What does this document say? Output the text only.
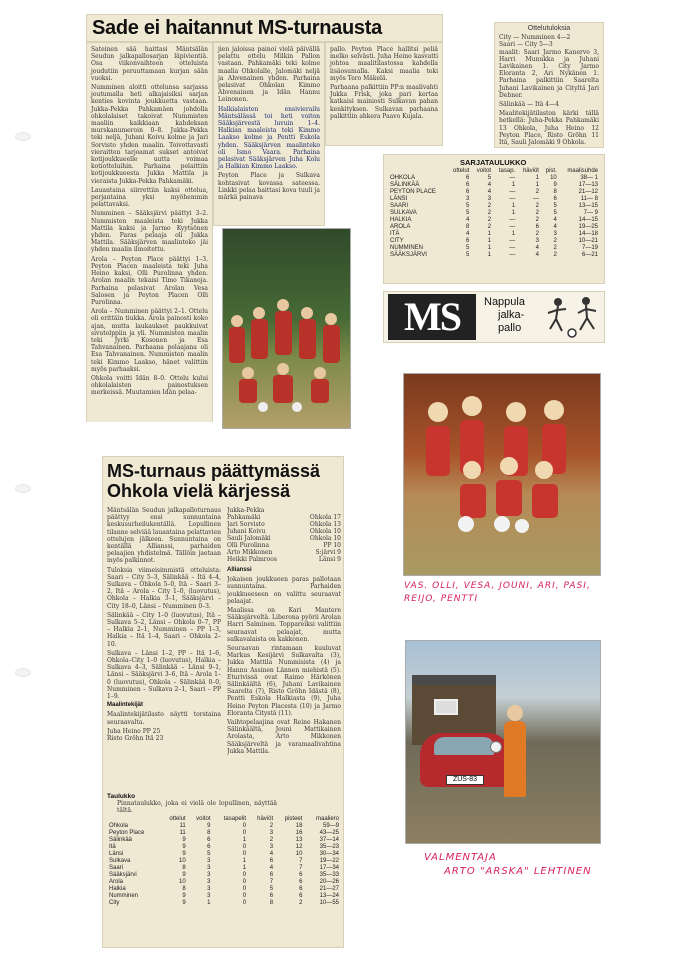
Sade ei haitannut MS-turnausta

Sateinen sää haittasi Mäntsälän Seudun jalkapallosarjan läpivientiä. Osa viikonvaihteen otteluista joudutiin peruuttamaan kurjan sään vuoksi.

Numminen aloitti ottelunsa sarjassa joutumalla heti alkajaisiksi sarjan kenties kovinta joukkuetta vastaan. Jukka-Pekka Pahkamäen johdolla ohkolalaiset takoivat Nummisten maaliin kaikkiaan kahdeksan murskanumeroin 0–8. Jukka-Pekka teki neljä, Juhani Koivu kolme ja Jari Sorvisto yhden maalin. Toivottavasti vieraitten tarjoamat sukset antoivat kotijoukkueelle uutta voimaa kotiotteluihin. Parhaina pelaittiin kotijoukkueesta Jukka Mattila ja vieraista Jukka-Pekka Pahkamäki.

Lauantaina siirrettiin kaksi ottelua, perjantaina yksi myöhemmin pelattavaksi.

Numminen – Sääksjärvi päättyi 3–2. Nummisten maaleista teki Jukka Mattila kaksi ja Jarmo Kyytsönen yhden. Paras pelaaja oli Jukka Mattila. Sääksjärven maalinteko jäi yhden maalin ilmoitettu.

Arola – Peyton Place päättyi 1–3. Peyton Placen maaleista teki Juha Heino kaksi, Olli Purolinna yhden. Arolan maalin tekaisi Timo Tikanoja. Parhaina pelasivat Arolan Vesa Salosen ja Peyton Placen Olli Purolinna.

Arola – Numminen päättyi 2–1. Ottelu oli erittäin tiukka. Arola painosti koko ajan, mutta laukaukset paukkuivat sivutolppiin ja yli. Nummisten maalin teki Jyrki Kosonen ja Esa Tahvanainen. Parhaana pelaajana oli Esa Tahvanainen. Nummisten maalin teki Kimmo Laakso, hänet valittiin myös parhaaksi.

Ohkola voitti Idän 8–0. Ottelu kului ohkolalaisten painostuksen merkeissä. Muutamien Idän pelaa-

jien jaloissa painoi vielä päivällä pelattu ottelu Milkin Pallon vastaan. Pahkamäki teki kolme maalia Ohkolalle, Jalomäki neljä ja Ahvenainen yhden. Parhaina pelasivat Ohkolan Kimmo Ahvenainen ja Idän Hannu Leinonen.

Halkialaisten ensivierailu Mäntsälässä toi heti voiton Sääksjärvestä luvuin 1–4. Halkian maaleista teki Kimmo Laakso kolme ja Pentti Eskola yhden. Sääksjärven maalinteko oli Ismo Vaara. Parhaina pelasivat Sääksjärven Juha Kolu ja Halkian Kimmo Laakso.

Peyton Place ja Sulkava kohtasivat kovassa sateessa. Linkki pelaa haittasi kova tuuli ja märkä painava

pallo. Peyton Place hallitsi peliä melko selvästi. Juha Heino kasvatti johtoa maalitilastossa kahdella lisäosumalla. Kaksi maalia teki myös Tero Mäkelä.

Parhaana palkittiin PP:n maalivahti Jukka Frisk, joka pari kertaa katkaisi mainiosti Sulkavan pahan kenkityksen. Sulkavan parhaana palkittiin ahkera Paavo Kujala.

Ottelutuloksia

City — Numminen 4—2

Saari — City 5—3

maalit: Saari Jarmo Kanervo 3, Harri Munukka ja Juhani Lavikainen 1. City Jarmo Eloranta 2, Ari Nykänen 1. Parhaina palkittiin Saarelta Juhani Lavikainen ja Cityltä Jari Debner.

Sälinkää — Itä 4—4

Maalitekijätilaston kärki tällä hetkellä: Juha-Pekka Pahkamäki 13 Ohkola, Juha Heino 12 Peyton Place, Risto Gröhn 11 Itä, Sauli Jalomäki 9 Ohkola.

SARJATAULUKKO
	ottelut	voitot	tasap.	häviöt	pist.	maalisuhde
OHKOLA	6	5	—	1	10	38— 1
SÄLINKÄÄ	6	4	1	1	9	17—13
PEYTON PLACE	6	4	—	2	8	21—12
LÄNSI	3	3	—	—	6	11— 8
SAARI	5	2	1	2	5	13—15
SULKAVA	5	2	1	2	5	7— 9
HALKIA	4	2	—	2	4	14—15
AROLA	8	2	—	6	4	19—25
ITÄ	4	1	1	2	3	14—18
CITY	6	1	—	3	2	10—21
NUMMINEN	5	1	—	4	2	7—19
SÄÄKSJÄRVI	5	1	—	4	2	6—21
MS	Nappula
jalka-
pallo
VAS. OLLI, VESA, JOUNI, ARI, PASI, REIJO, PENTTI
ZUS-83
VALMENTAJA
ARTO "ARSKA" LEHTINEN
MS-turnaus päättymässä Ohkola vielä kärjessä

Mäntsälän Seudun jalkapalloturnaus päättyy ensi sunnuntaina keskusurheilukentällä. Lopullinen tilanne selviää lauantaina pelattavien ottelujen jälkeen. Sunnuntaina on kentällä Allianssi, parhaiden pelaajien yhdistelmä. Tällöin jaetaan myös palkinnot.

Tuloksia viimeisimmistä otteluista: Saari – City 5–3, Sälinkää – Itä 4–4, Sulkava – Ohkola 5–0, Itä – Saari 3–2, Itä – Arola – City 1–0, (luovutus), Ohkola – Halkia 3–1, Sääksjärvi – City 18–0, Länsi – Numminen 0–3.

Sälinkää – City 1–0 (luovutus), Itä – Sulkava 5–2, Länsi – Ohkola 0–7, PP – Halkia 2–1, Numminen – PP 1–3, Halkia – Itä 1–4, Saari – Ohkola 2–10.

Sulkava – Länsi 1–2, PP – Itä 1–6, Ohkola–City 1–0 (luovutus), Halkia – Sulkava 4–3, Sälinkää – Länsi 9–1, Länsi – Sääksjärvi 3–6, Itä – Arola 1–0 (luovutus), Ohkola – Sälinkää 0–0, Numminen – Sulkava 2–1, Saari – PP 1–9.

Maalintekijät

Maalintekijätilasto näytti torstaina seuraavalta.

Juha Heino PP 25

Risto Gröhn Itä 23

Jukka-Pekka	
Pahkamäki	Ohkola 17
Jari Sorvisto	Ohkola 13
Juhani Koivu	Ohkola 10
Sauli Jalomäki	Ohkola 10
Olli Purolinna	PP 10
Arto Mikkonen	S:järvi 9
Heikki Palmroos	Länsi 9

Allianssi

Jokaisen joukkueen paras pallotaan sunnuntaina. Parhaiden joukkueeseen on valittu seuraavat pelaajat.

Maalissa on Kari Mantere Sääksjärveltä. Liberona pyörii Arolan Harri Salminen. Toppareiksi valittiin seuraavat pelaajat, mutta sulkavalaista on kakkonen.

Seuraavan rintamaan kuuluvat Markus Kesijärvi Sulkavalta (3), Jukka Mattila Nummisista (4) ja Hannu Assinen Lännen miehistä (5). Eturivissä ovat Raimo Härkönen Sälinkäältä (6), Juhani Lavikainen Saarelta (7), Risto Gröhn Idästä (8), Pentti Eskola Halkiasta (9), Juha Heino Peyton Placesta (10) ja Jarmo Eloranta Citystä (11).

Vaihtopelaajina ovat Reine Hakanen Sälinkäältä, Jouni Mattikainen Arolasta, Arto Mikkonen Sääksjärveltä ja varamaalivahtina Jukka Mattila.

Taulukko
Pinnataulukko, joka ei vielä ole lopullinen, näyttää tältä.
	ottelut	voitot	tasapelit	häviöt	pisteet	maaliero
Ohkola	11	9	0	2	18	59—9
Peyton Place	11	8	0	3	16	43—25
Sälinkää	9	6	1	2	13	37—14
Itä	9	6	0	3	12	35—23
Länsi	9	5	0	4	10	30—34
Sulkava	10	3	1	6	7	19—22
Saari	8	3	1	4	7	17—34
Sääksjärvi	9	3	0	6	6	35—33
Arola	10	3	0	7	6	20—26
Halkia	8	3	0	5	6	21—27
Numminen	9	3	0	6	6	13—24
City	9	1	0	8	2	10—55
